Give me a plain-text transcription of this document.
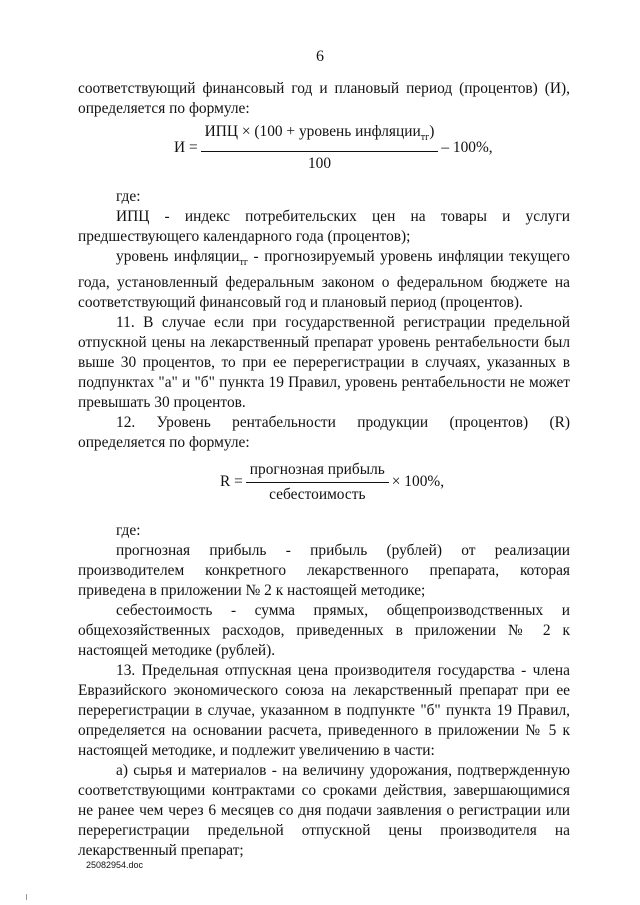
6

соответствующий финансовый год и плановый период (процентов) (И), определяется по формуле:

$И = \frac{ИПЦ \times (100 + уровень инфляции_{тг})}{100} - 100\%$,

где:

ИПЦ - индекс потребительских цен на товары и услуги предшествующего календарного года (процентов);

уровень инфляции$_{тг}$ - прогнозируемый уровень инфляции текущего года, установленный федеральным законом о федеральном бюджете на соответствующий финансовый год и плановый период (процентов).

11. В случае если при государственной регистрации предельной отпускной цены на лекарственный препарат уровень рентабельности был выше 30 процентов, то при ее перерегистрации в случаях, указанных в подпунктах "а" и "б" пункта 19 Правил, уровень рентабельности не может превышать 30 процентов.

12. Уровень рентабельности продукции (процентов) (R) определяется по формуле:

$R = \frac{\text{прогнозная прибыль}}{\text{себестоимость}} \times 100\%$,

где:

прогнозная прибыль - прибыль (рублей) от реализации производителем конкретного лекарственного препарата, которая приведена в приложении № 2 к настоящей методике;

себестоимость - сумма прямых, общепроизводственных и общехозяйственных расходов, приведенных в приложении № 2 к настоящей методике (рублей).

13. Предельная отпускная цена производителя государства - члена Евразийского экономического союза на лекарственный препарат при ее перерегистрации в случае, указанном в подпункте "б" пункта 19 Правил, определяется на основании расчета, приведенного в приложении № 5 к настоящей методике, и подлежит увеличению в части:

а) сырья и материалов - на величину удорожания, подтвержденную соответствующими контрактами со сроками действия, завершающимися не ранее чем через 6 месяцев со дня подачи заявления о регистрации или перерегистрации предельной отпускной цены производителя на лекарственный препарат;

25082954.doc
